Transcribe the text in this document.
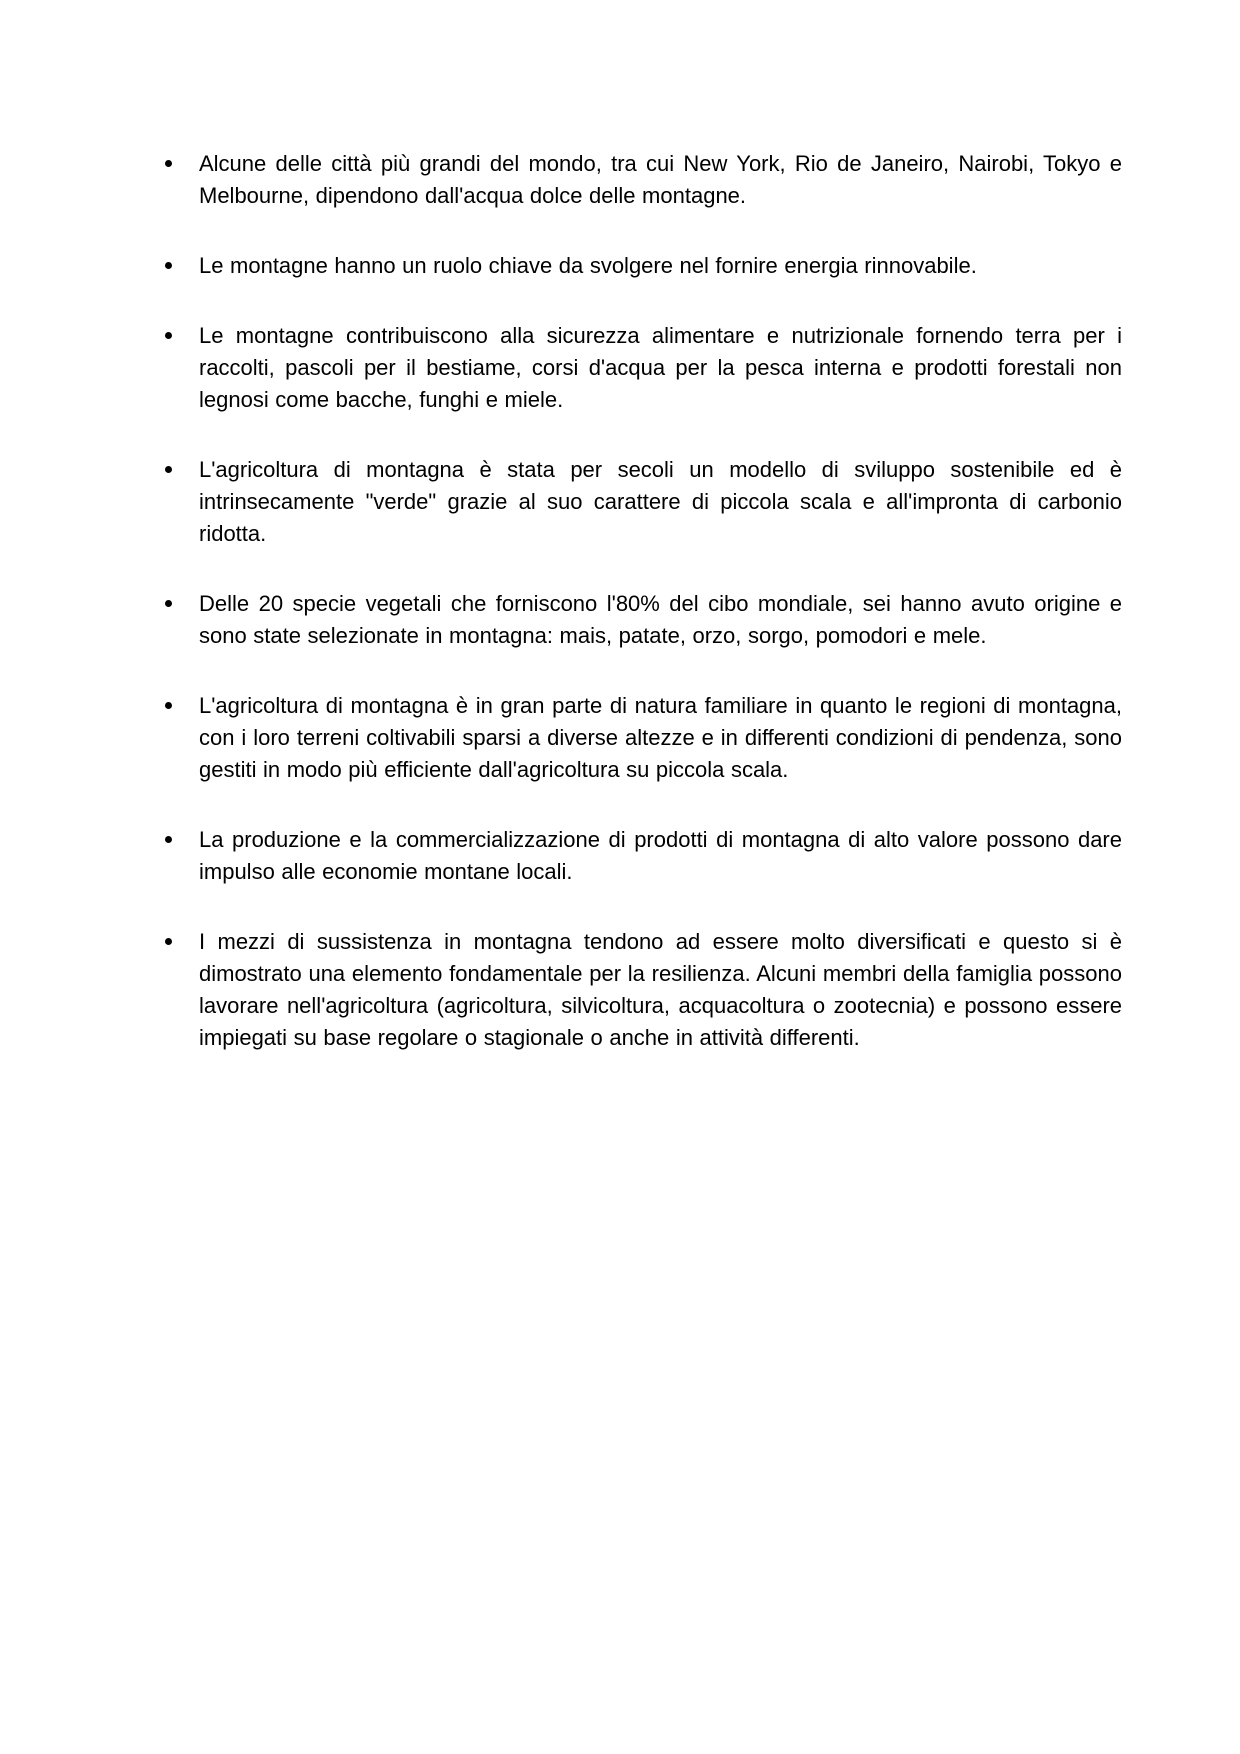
Alcune delle città più grandi del mondo, tra cui New York, Rio de Janeiro, Nairobi, Tokyo e Melbourne, dipendono dall'acqua dolce delle montagne.
Le montagne hanno un ruolo chiave da svolgere nel fornire energia rinnovabile.
Le montagne contribuiscono alla sicurezza alimentare e nutrizionale fornendo terra per i raccolti, pascoli per il bestiame, corsi d'acqua per la pesca interna e prodotti forestali non legnosi come bacche, funghi e miele.
L'agricoltura di montagna è stata per secoli un modello di sviluppo sostenibile ed è intrinsecamente "verde" grazie al suo carattere di piccola scala e all'impronta di carbonio ridotta.
Delle 20 specie vegetali che forniscono l'80% del cibo mondiale, sei hanno avuto origine e sono state selezionate in montagna: mais, patate, orzo, sorgo, pomodori e mele.
L'agricoltura di montagna è in gran parte di natura familiare in quanto le regioni di montagna, con i loro terreni coltivabili sparsi a diverse altezze e in differenti condizioni di pendenza, sono gestiti in modo più efficiente dall'agricoltura su piccola scala.
La produzione e la commercializzazione di prodotti di montagna di alto valore possono dare impulso alle economie montane locali.
I mezzi di sussistenza in montagna tendono ad essere molto diversificati e questo si è dimostrato una elemento fondamentale per la resilienza. Alcuni membri della famiglia possono lavorare nell'agricoltura (agricoltura, silvicoltura, acquacoltura o zootecnia) e possono essere impiegati su base regolare o stagionale o anche in attività differenti.
